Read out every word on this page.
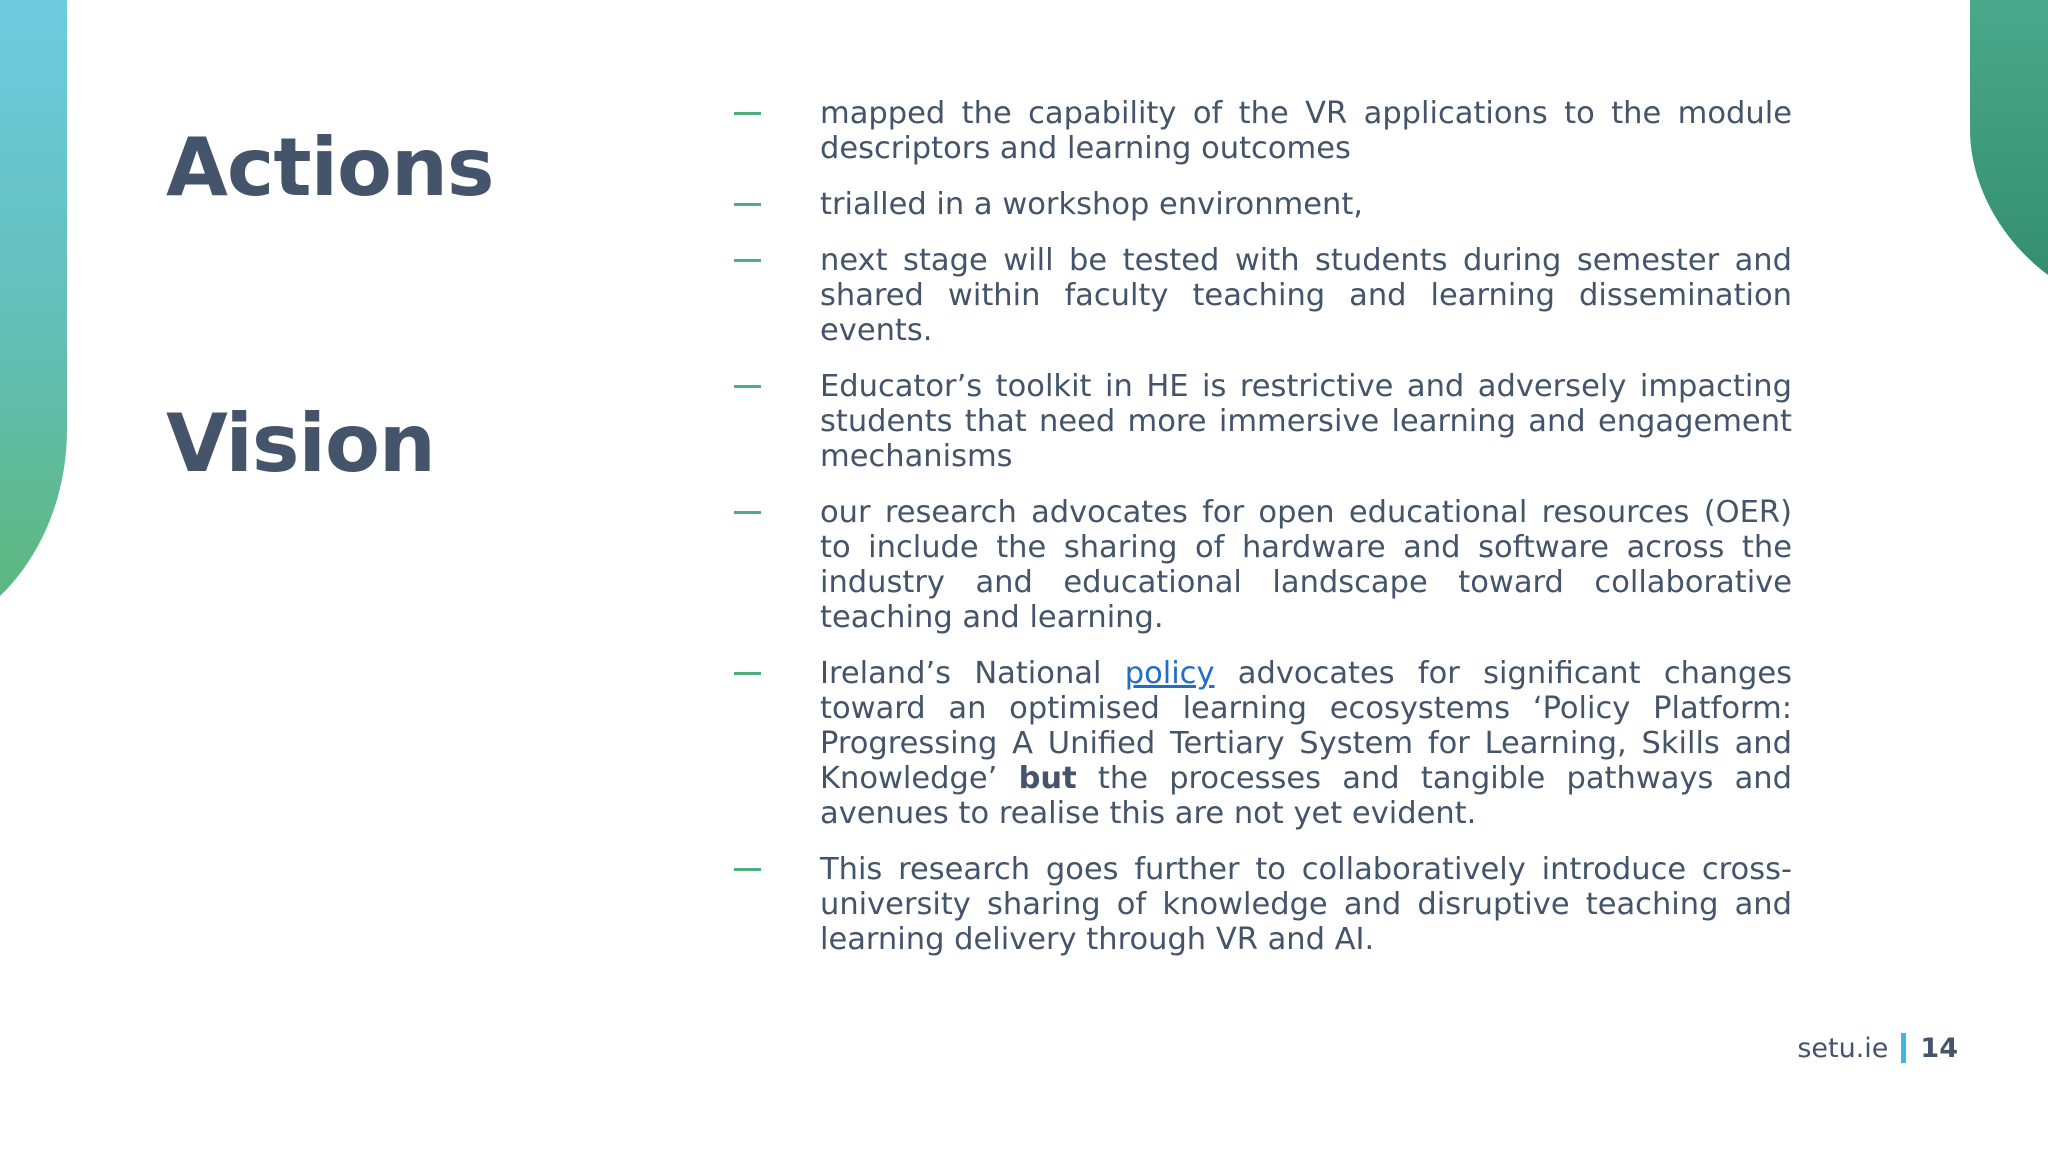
Actions
Vision
mapped the capability of the VR applications to the module descriptors and learning outcomes
trialled in a workshop environment,
next stage will be tested with students during semester and shared within faculty teaching and learning dissemination events.
Educator’s toolkit in HE is restrictive and adversely impacting students that need more immersive learning and engagement mechanisms
our research advocates for open educational resources (OER) to include the sharing of hardware and software across the industry and educational landscape toward collaborative teaching and learning.
Ireland’s National policy advocates for significant changes toward an optimised learning ecosystems ‘Policy Platform: Progressing A Unified Tertiary System for Learning, Skills and Knowledge’ but the processes and tangible pathways and avenues to realise this are not yet evident.
This research goes further to collaboratively introduce cross-university sharing of knowledge and disruptive teaching and learning delivery through VR and AI.
setu.ie 14
